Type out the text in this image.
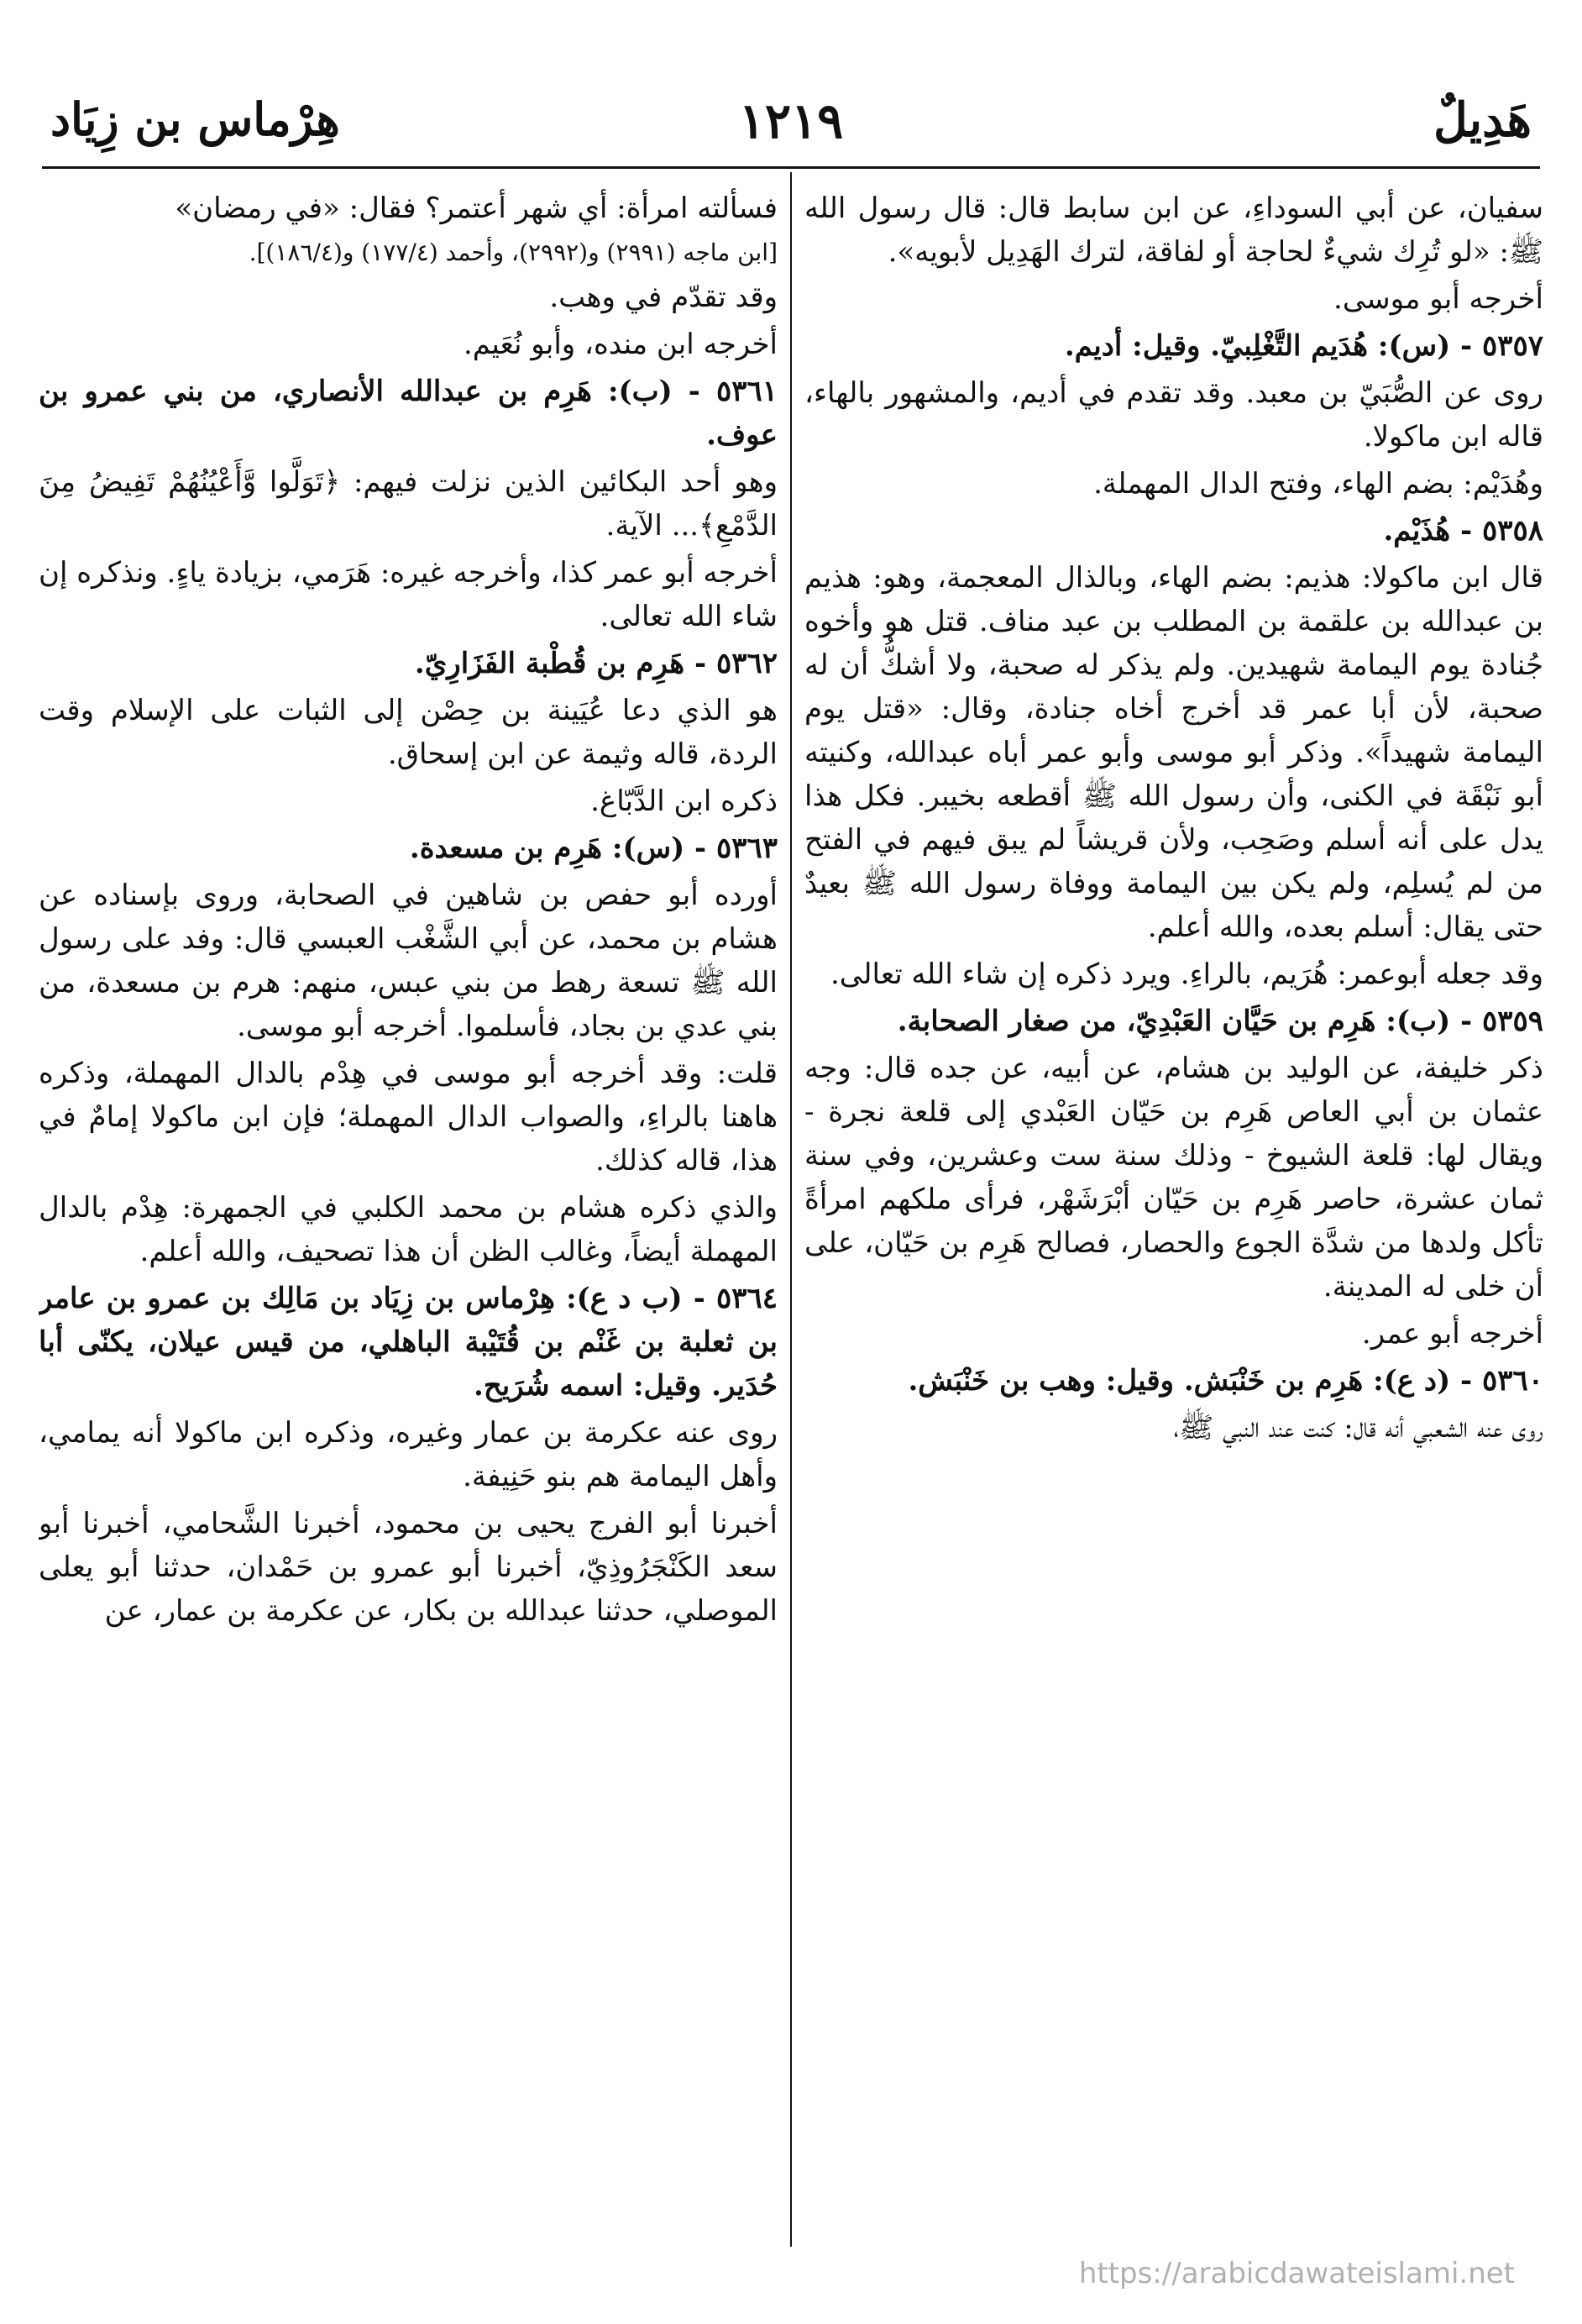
هَدِيلٌ
١٢١٩
هِرْماس بن زِيَاد

سفيان، عن أبي السوداءِ، عن ابن سابط قال: قال رسول الله ﷺ: «لو تُرِك شيءٌ لحاجة أو لفاقة، لترك الهَدِيل لأبويه».

أخرجه أبو موسى.

٥٣٥٧ - (س): هُدَيم التَّغْلِبيّ. وقيل: أديم.

روى عن الصُّبَيّ بن معبد. وقد تقدم في أديم، والمشهور بالهاء، قاله ابن ماكولا.

وهُدَيْم: بضم الهاء، وفتح الدال المهملة.

٥٣٥٨ - هُذَيْم.

قال ابن ماكولا: هذيم: بضم الهاء، وبالذال المعجمة، وهو: هذيم بن عبدالله بن علقمة بن المطلب بن عبد مناف. قتل هو وأخوه جُنادة يوم اليمامة شهيدين. ولم يذكر له صحبة، ولا أشكُّ أن له صحبة، لأن أبا عمر قد أخرج أخاه جنادة، وقال: «قتل يوم اليمامة شهيداً». وذكر أبو موسى وأبو عمر أباه عبدالله، وكنيته أبو نَبْقَة في الكنى، وأن رسول الله ﷺ أقطعه بخيبر. فكل هذا يدل على أنه أسلم وصَحِب، ولأن قريشاً لم يبق فيهم في الفتح من لم يُسلِم، ولم يكن بين اليمامة ووفاة رسول الله ﷺ بعيدٌ حتى يقال: أسلم بعده، والله أعلم.

وقد جعله أبوعمر: هُرَيم، بالراءِ. ويرد ذكره إن شاء الله تعالى.

٥٣٥٩ - (ب): هَرِم بن حَيَّان العَبْدِيّ، من صغار الصحابة.

ذكر خليفة، عن الوليد بن هشام، عن أبيه، عن جده قال: وجه عثمان بن أبي العاص هَرِم بن حَيّان العَبْدي إلى قلعة نجرة - ويقال لها: قلعة الشيوخ - وذلك سنة ست وعشرين، وفي سنة ثمان عشرة، حاصر هَرِم بن حَيّان أبْرَشَهْر، فرأى ملكهم امرأةً تأكل ولدها من شدَّة الجوع والحصار، فصالح هَرِم بن حَيّان، على أن خلى له المدينة.

أخرجه أبو عمر.

٥٣٦٠ - (د ع): هَرِم بن خَنْبَش. وقيل: وهب بن خَنْبَش.

روى عنه الشعبي أنه قال: كنت عند النبي ﷺ،

فسألته امرأة: أي شهر أعتمر؟ فقال: «في رمضان»

[ابن ماجه (٢٩٩١) و(٢٩٩٢)، وأحمد (١٧٧/٤) و(١٨٦/٤)].

وقد تقدّم في وهب.

أخرجه ابن منده، وأبو نُعَيم.

٥٣٦١ - (ب): هَرِم بن عبدالله الأنصاري، من بني عمرو بن عوف.

وهو أحد البكائين الذين نزلت فيهم: ﴿تَوَلَّوا وَّأَعْيُنُهُمْ تَفِيضُ مِنَ الدَّمْعِ﴾... الآية.

أخرجه أبو عمر كذا، وأخرجه غيره: هَرَمي، بزيادة ياءٍ. ونذكره إن شاء الله تعالى.

٥٣٦٢ - هَرِم بن قُطْبة الفَزَارِيّ.

هو الذي دعا عُيَينة بن حِصْن إلى الثبات على الإسلام وقت الردة، قاله وثيمة عن ابن إسحاق.

ذكره ابن الدَّبّاغ.

٥٣٦٣ - (س): هَرِم بن مسعدة.

أورده أبو حفص بن شاهين في الصحابة، وروى بإسناده عن هشام بن محمد، عن أبي الشَّغْب العبسي قال: وفد على رسول الله ﷺ تسعة رهط من بني عبس، منهم: هرم بن مسعدة، من بني عدي بن بجاد، فأسلموا. أخرجه أبو موسى.

قلت: وقد أخرجه أبو موسى في هِدْم بالدال المهملة، وذكره هاهنا بالراءِ، والصواب الدال المهملة؛ فإن ابن ماكولا إمامٌ في هذا، قاله كذلك.

والذي ذكره هشام بن محمد الكلبي في الجمهرة: هِدْم بالدال المهملة أيضاً، وغالب الظن أن هذا تصحيف، والله أعلم.

٥٣٦٤ - (ب د ع): هِرْماس بن زِيَاد بن مَالِك بن عمرو بن عامر بن ثعلبة بن غَنْم بن قُتَيْبة الباهلي، من قيس عيلان، يكنّى أبا حُدَير. وقيل: اسمه شُرَيح.

روى عنه عكرمة بن عمار وغيره، وذكره ابن ماكولا أنه يمامي، وأهل اليمامة هم بنو حَنِيفة.

أخبرنا أبو الفرج يحيى بن محمود، أخبرنا الشَّحامي، أخبرنا أبو سعد الكَنْجَرُوذِيّ، أخبرنا أبو عمرو بن حَمْدان، حدثنا أبو يعلى الموصلي، حدثنا عبدالله بن بكار، عن عكرمة بن عمار، عن

https://arabicdawateislami.net
